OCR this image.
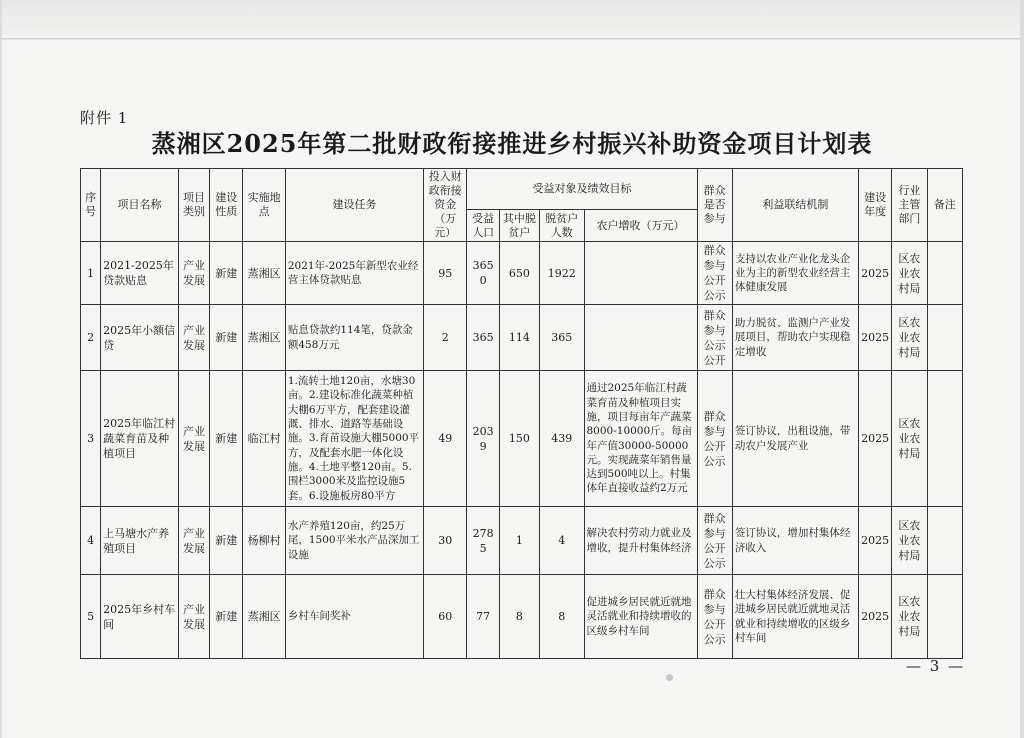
附件 1
蒸湘区2025年第二批财政衔接推进乡村振兴补助资金项目计划表
序号	项目名称	项目类别	建设性质	实施地点	建设任务	投入财政衔接资金（万元）	受益对象及绩效目标				群众是否参与	利益联结机制	建设年度	行业主管部门	备注
							受益人口	其中脱贫户	脱贫户人数	农户增收（万元）					
1	2021-2025年贷款贴息	产业发展	新建	蒸湘区	2021年-2025年新型农业经营主体贷款贴息	95	3650	650	1922		群众参与公开公示	支持以农业产业化龙头企业为主的新型农业经营主体健康发展	2025	区农业农村局	
2	2025年小额信贷	产业发展	新建	蒸湘区	贴息贷款约114笔，贷款金额458万元	2	365	114	365		群众参与公示公开	助力脱贫、监测户产业发展项目，帮助农户实现稳定增收	2025	区农业农村局	
3	2025年临江村蔬菜育苗及种植项目	产业发展	新建	临江村	1.流转土地120亩，水塘30亩。2.建设标准化蔬菜种植大棚6万平方，配套建设灌溉、排水、道路等基础设施。3.育苗设施大棚5000平方，及配套水肥一体化设施。4.土地平整120亩。5.围栏3000米及监控设施5套。6.设施板房80平方	49	2039	150	439	通过2025年临江村蔬菜育苗及种植项目实施，项目每亩年产蔬菜8000-10000斤。每亩年产值30000-50000元。实现蔬菜年销售量达到500吨以上。村集体年直接收益约2万元	群众参与公开公示	签订协议，出租设施，带动农户发展产业	2025	区农业农村局	
4	上马塘水产养殖项目	产业发展	新建	杨柳村	水产养殖120亩，约25万尾，1500平米水产品深加工设施	30	2785	1	4	解决农村劳动力就业及增收，提升村集体经济	群众参与公开公示	签订协议，增加村集体经济收入	2025	区农业农村局	
5	2025年乡村车间	产业发展	新建	蒸湘区	乡村车间奖补	60	77	8	8	促进城乡居民就近就地灵活就业和持续增收的区级乡村车间	群众参与公开公示	壮大村集体经济发展、促进城乡居民就近就地灵活就业和持续增收的区级乡村车间	2025	区农业农村局	
— 3 —
